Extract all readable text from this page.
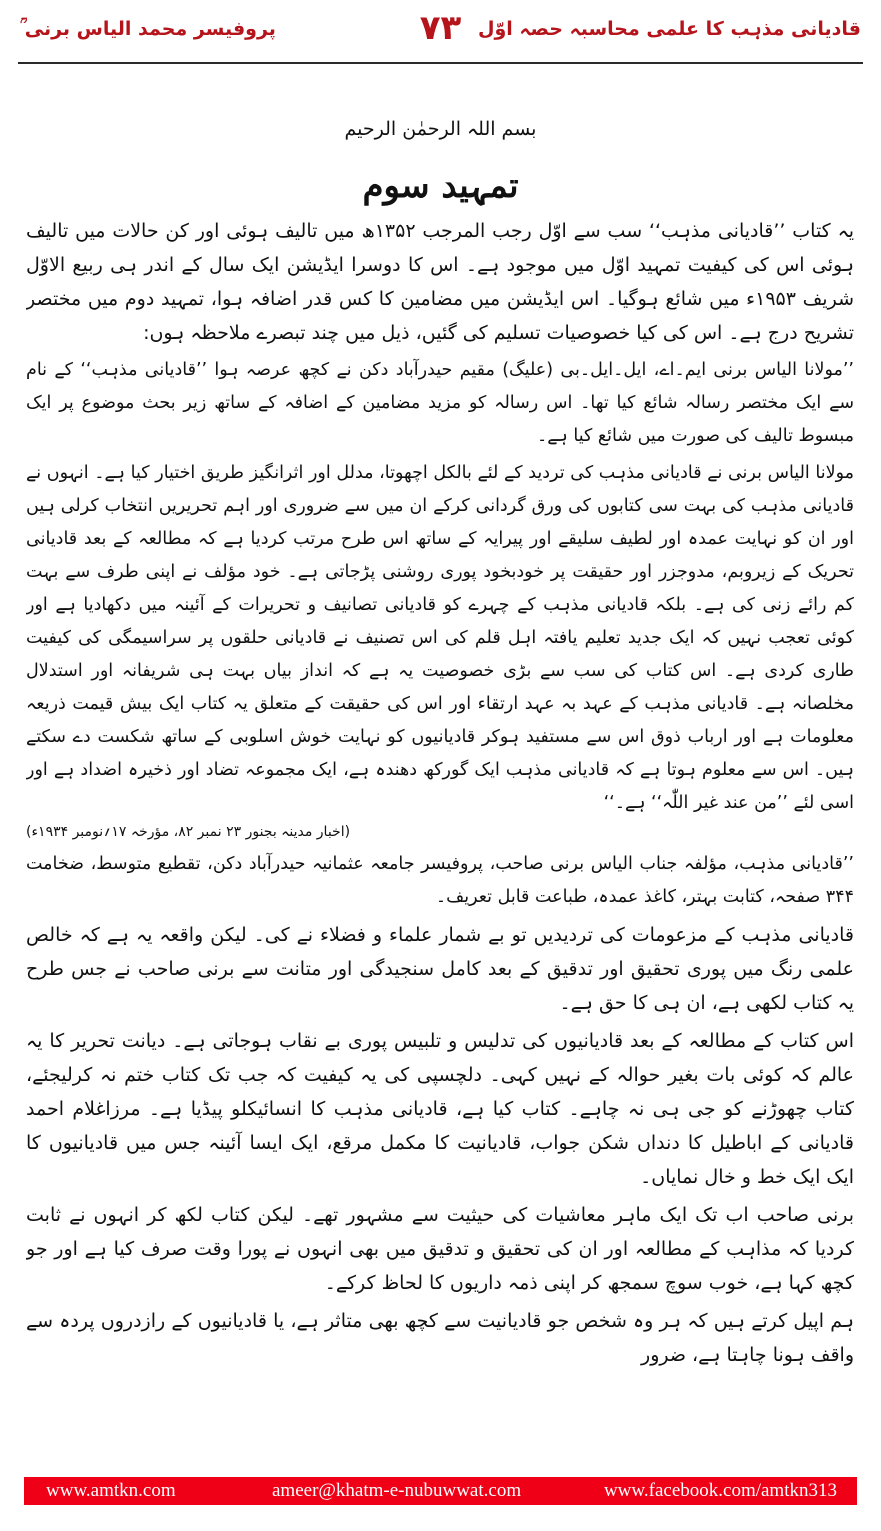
پروفیسر محمد الیاس برنی ؒ	۷۳ قادیانی مذہب کا علمی محاسبہ حصہ اوّل
بسم اللہ الرحمٰن الرحیم
تمہید سوم

یہ کتاب ’’قادیانی مذہب‘‘ سب سے اوّل رجب المرجب ۱۳۵۲ھ میں تالیف ہوئی اور کن حالات میں تالیف ہوئی اس کی کیفیت تمہید اوّل میں موجود ہے۔ اس کا دوسرا ایڈیشن ایک سال کے اندر ہی ربیع الاوّل شریف ۱۹۵۳ء میں شائع ہوگیا۔ اس ایڈیشن میں مضامین کا کس قدر اضافہ ہوا، تمہید دوم میں مختصر تشریح درج ہے۔ اس کی کیا خصوصیات تسلیم کی گئیں، ذیل میں چند تبصرے ملاحظہ ہوں:

’’مولانا الیاس برنی ایم۔اے، ایل۔ایل۔بی (علیگ) مقیم حیدرآباد دکن نے کچھ عرصہ ہوا ’’قادیانی مذہب‘‘ کے نام سے ایک مختصر رسالہ شائع کیا تھا۔ اس رسالہ کو مزید مضامین کے اضافہ کے ساتھ زیر بحث موضوع پر ایک مبسوط تالیف کی صورت میں شائع کیا ہے۔

مولانا الیاس برنی نے قادیانی مذہب کی تردید کے لئے بالکل اچھوتا، مدلل اور اثرانگیز طریق اختیار کیا ہے۔ انہوں نے قادیانی مذہب کی بہت سی کتابوں کی ورق گردانی کرکے ان میں سے ضروری اور اہم تحریریں انتخاب کرلی ہیں اور ان کو نہایت عمدہ اور لطیف سلیقے اور پیرایہ کے ساتھ اس طرح مرتب کردیا ہے کہ مطالعہ کے بعد قادیانی تحریک کے زیروبم، مدوجزر اور حقیقت پر خودبخود پوری روشنی پڑجاتی ہے۔ خود مؤلف نے اپنی طرف سے بہت کم رائے زنی کی ہے۔ بلکہ قادیانی مذہب کے چہرے کو قادیانی تصانیف و تحریرات کے آئینہ میں دکھادیا ہے اور کوئی تعجب نہیں کہ ایک جدید تعلیم یافتہ اہل قلم کی اس تصنیف نے قادیانی حلقوں پر سراسیمگی کی کیفیت طاری کردی ہے۔ اس کتاب کی سب سے بڑی خصوصیت یہ ہے کہ انداز بیاں بہت ہی شریفانہ اور استدلال مخلصانہ ہے۔ قادیانی مذہب کے عہد بہ عہد ارتقاء اور اس کی حقیقت کے متعلق یہ کتاب ایک بیش قیمت ذریعہ معلومات ہے اور ارباب ذوق اس سے مستفید ہوکر قادیانیوں کو نہایت خوش اسلوبی کے ساتھ شکست دے سکتے ہیں۔ اس سے معلوم ہوتا ہے کہ قادیانی مذہب ایک گورکھ دھندہ ہے، ایک مجموعہ تضاد اور ذخیرہ اضداد ہے اور اسی لئے ’’من عند غیر اللّٰہ‘‘ ہے۔‘‘

(اخبار مدینہ بجنور ۲۳ نمبر ۸۲، مؤرخہ ۱۷؍نومبر ۱۹۳۴ء)

’’قادیانی مذہب، مؤلفہ جناب الیاس برنی صاحب، پروفیسر جامعہ عثمانیہ حیدرآباد دکن، تقطیع متوسط، ضخامت ۳۴۴ صفحہ، کتابت بہتر، کاغذ عمدہ، طباعت قابل تعریف۔

قادیانی مذہب کے مزعومات کی تردیدیں تو بے شمار علماء و فضلاء نے کی۔ لیکن واقعہ یہ ہے کہ خالص علمی رنگ میں پوری تحقیق اور تدقیق کے بعد کامل سنجیدگی اور متانت سے برنی صاحب نے جس طرح یہ کتاب لکھی ہے، ان ہی کا حق ہے۔

اس کتاب کے مطالعہ کے بعد قادیانیوں کی تدلیس و تلبیس پوری بے نقاب ہوجاتی ہے۔ دیانت تحریر کا یہ عالم کہ کوئی بات بغیر حوالہ کے نہیں کہی۔ دلچسپی کی یہ کیفیت کہ جب تک کتاب ختم نہ کرلیجئے، کتاب چھوڑنے کو جی ہی نہ چاہے۔ کتاب کیا ہے، قادیانی مذہب کا انسائیکلو پیڈیا ہے۔ مرزاغلام احمد قادیانی کے اباطیل کا دنداں شکن جواب، قادیانیت کا مکمل مرقع، ایک ایسا آئینہ جس میں قادیانیوں کا ایک ایک خط و خال نمایاں۔

برنی صاحب اب تک ایک ماہر معاشیات کی حیثیت سے مشہور تھے۔ لیکن کتاب لکھ کر انہوں نے ثابت کردیا کہ مذاہب کے مطالعہ اور ان کی تحقیق و تدقیق میں بھی انہوں نے پورا وقت صرف کیا ہے اور جو کچھ کہا ہے، خوب سوچ سمجھ کر اپنی ذمہ داریوں کا لحاظ کرکے۔

ہم اپیل کرتے ہیں کہ ہر وہ شخص جو قادیانیت سے کچھ بھی متاثر ہے، یا قادیانیوں کے رازدروں پردہ سے واقف ہونا چاہتا ہے، ضرور

www.amtkn.com	ameer@khatm-e-nubuwwat.com	www.facebook.com/amtkn313
